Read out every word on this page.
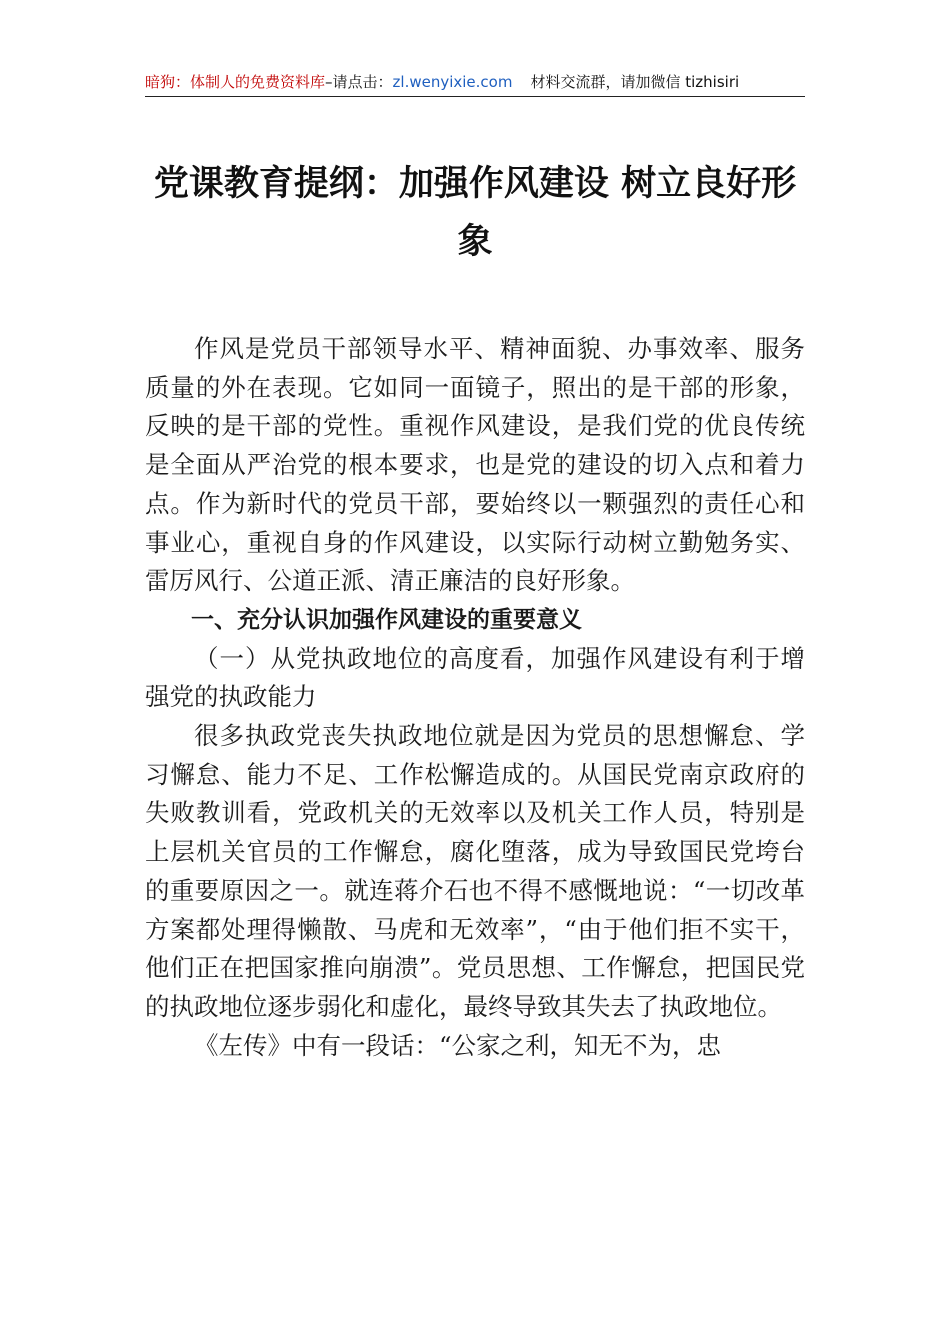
暗狗：体制人的免费资料库–请点击：zl.wenyixie.com 材料交流群，请加微信 tizhisiri
党课教育提纲：加强作风建设 树立良好形象

作风是党员干部领导水平、精神面貌、办事效率、服务质量的外在表现。它如同一面镜子，照出的是干部的形象，反映的是干部的党性。重视作风建设，是我们党的优良传统是全面从严治党的根本要求，也是党的建设的切入点和着力点。作为新时代的党员干部，要始终以一颗强烈的责任心和事业心，重视自身的作风建设，以实际行动树立勤勉务实、雷厉风行、公道正派、清正廉洁的良好形象。

一、充分认识加强作风建设的重要意义

（一）从党执政地位的高度看，加强作风建设有利于增强党的执政能力

很多执政党丧失执政地位就是因为党员的思想懈怠、学习懈怠、能力不足、工作松懈造成的。从国民党南京政府的失败教训看，党政机关的无效率以及机关工作人员，特别是上层机关官员的工作懈怠，腐化堕落，成为导致国民党垮台的重要原因之一。就连蒋介石也不得不感慨地说：“一切改革方案都处理得懒散、马虎和无效率”，“由于他们拒不实干，他们正在把国家推向崩溃”。党员思想、工作懈怠，把国民党的执政地位逐步弱化和虚化，最终导致其失去了执政地位。

《左传》中有一段话：“公家之利，知无不为，忠
